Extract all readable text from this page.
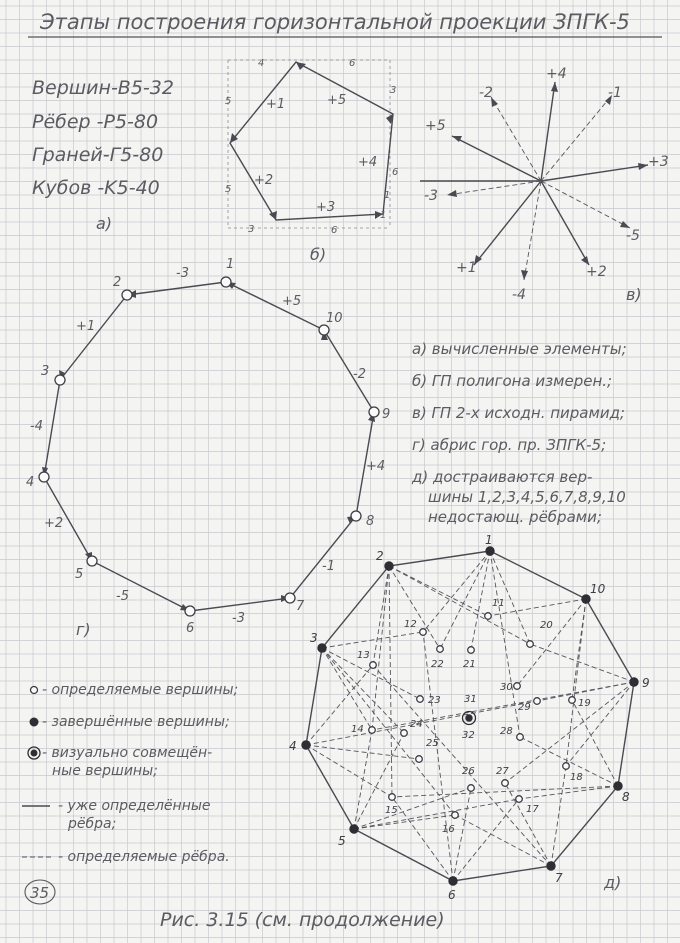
Этапы построения горизонтальной проекции ЗПГК-5
Вершин-B5-32
Рёбер -P5-80
Граней-Г5-80
Кубов -K5-40
a)
+1	+5
+4
+3
+2
4	6
3
5
5
6
1
3	6
1
б)
+4
+5
+3
+2
-4
+1
-2	-1
-3
-5
в)
1
2
3
4
5
6
7
8
9
10
-3
+1
-4
+2
-5
-3
-1
+4
-2
+5
г)
а) вычисленные элементы;
б) ГП полигона измерен.;
в) ГП 2-х исходн. пирамид;
г) абрис гор. пр. ЗПГК-5;
д) достраиваются вер-
шины 1,2,3,4,5,6,7,8,9,10
недостающ. рёбрами;
- определяемые вершины;
- завершённые вершины;
- визуально совмещён-
ные вершины;
- уже определённые
рёбра;
- определяемые рёбра.
1
2
3
4
5
6
7
8
9
10
11
12
13
14
15
16
17
18
19
20
21
22
23
24
25
26 27
28
29
30
31
32
д)
35
Рис. 3.15 (см. продолжение)
